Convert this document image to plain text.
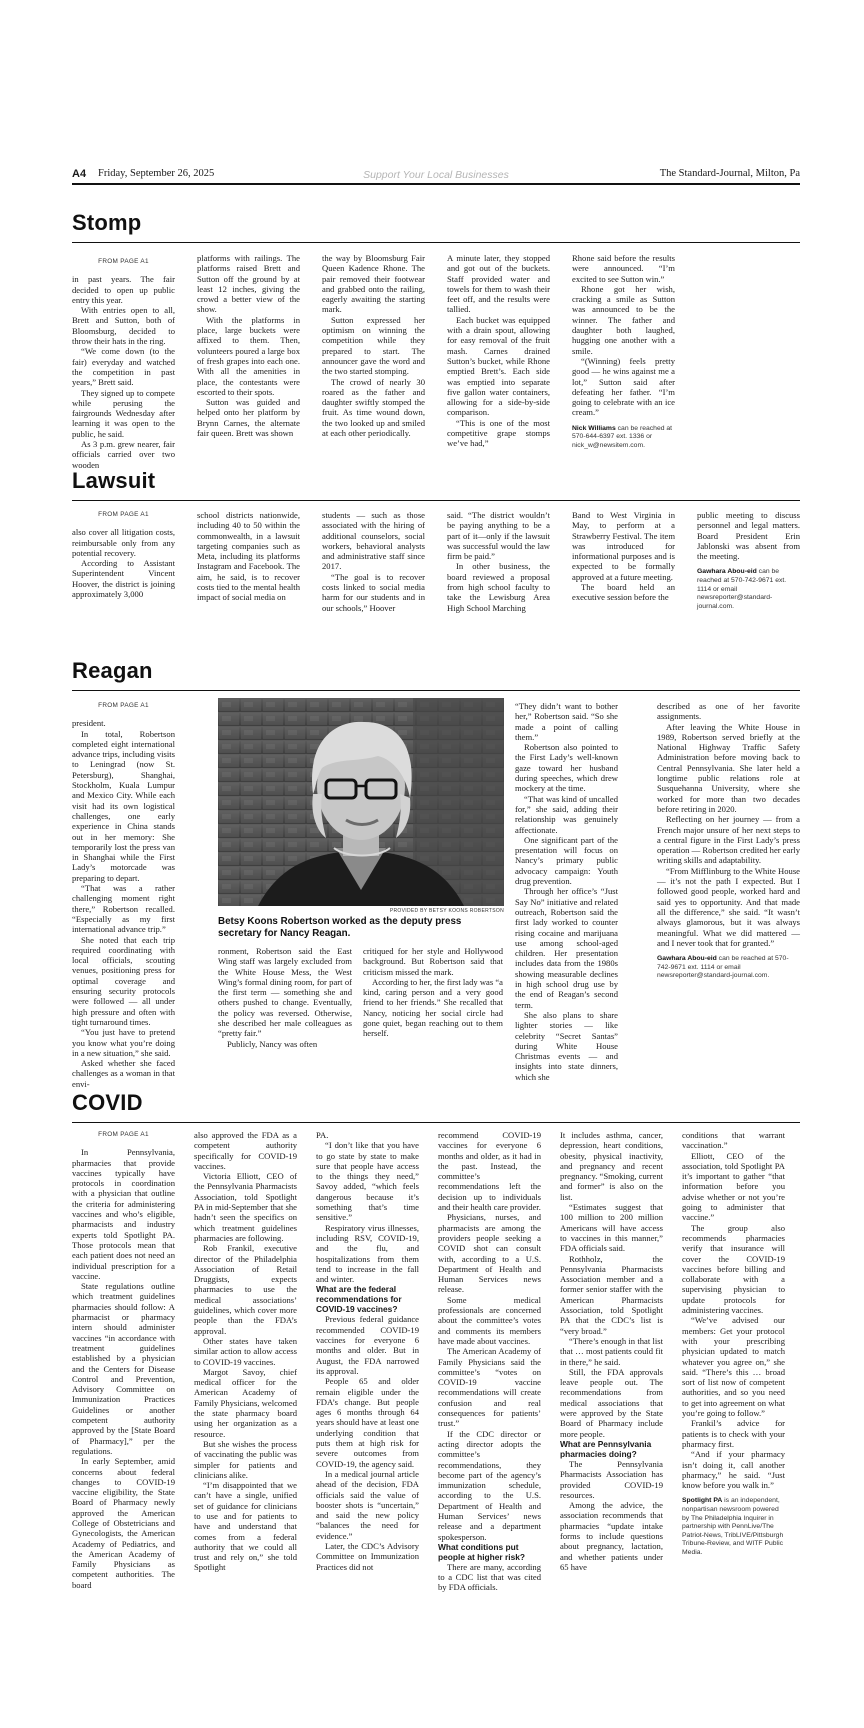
A4 Friday, September 26, 2025	Support Your Local Businesses	The Standard-Journal, Milton, Pa
Stomp

FROM PAGE A1

in past years. The fair decided to open up public entry this year.

With entries open to all, Brett and Sutton, both of Bloomsburg, decided to throw their hats in the ring.

“We come down (to the fair) everyday and watched the competition in past years,” Brett said.

They signed up to compete while perusing the fairgrounds Wednesday after learning it was open to the public, he said.

As 3 p.m. grew nearer, fair officials carried over two wooden

platforms with railings. The platforms raised Brett and Sutton off the ground by at least 12 inches, giving the crowd a better view of the show.

With the platforms in place, large buckets were affixed to them. Then, volunteers poured a large box of fresh grapes into each one. With all the amenities in place, the contestants were escorted to their spots.

Sutton was guided and helped onto her platform by Brynn Carnes, the alternate fair queen. Brett was shown

the way by Bloomsburg Fair Queen Kadence Rhone. The pair removed their footwear and grabbed onto the railing, eagerly awaiting the starting mark.

Sutton expressed her optimism on winning the competition while they prepared to start. The announcer gave the word and the two started stomping.

The crowd of nearly 30 roared as the father and daughter swiftly stomped the fruit. As time wound down, the two looked up and smiled at each other periodically.

A minute later, they stopped and got out of the buckets. Staff provided water and towels for them to wash their feet off, and the results were tallied.

Each bucket was equipped with a drain spout, allowing for easy removal of the fruit mash. Carnes drained Sutton’s bucket, while Rhone emptied Brett’s. Each side was emptied into separate five gallon water containers, allowing for a side-by-side comparison.

“This is one of the most competitive grape stomps we’ve had,”

Rhone said before the results were announced. “I’m excited to see Sutton win.”

Rhone got her wish, cracking a smile as Sutton was announced to be the winner. The father and daughter both laughed, hugging one another with a smile.

“(Winning) feels pretty good — he wins against me a lot,” Sutton said after defeating her father. “I’m going to celebrate with an ice cream.”

Nick Williams can be reached at 570-644-6397 ext. 1336 or nick_w@newsitem.com.

Lawsuit

FROM PAGE A1

also cover all litigation costs, reimbursable only from any potential recovery.

According to Assistant Superintendent Vincent Hoover, the district is joining approximately 3,000

school districts nationwide, including 40 to 50 within the commonwealth, in a lawsuit targeting companies such as Meta, including its platforms Instagram and Facebook. The aim, he said, is to recover costs tied to the mental health impact of social media on

students — such as those associated with the hiring of additional counselors, social workers, behavioral analysts and administrative staff since 2017.

“The goal is to recover costs linked to social media harm for our students and in our schools,” Hoover

said. “The district wouldn’t be paying anything to be a part of it—only if the lawsuit was successful would the law firm be paid.”

In other business, the board reviewed a proposal from high school faculty to take the Lewisburg Area High School Marching

Band to West Virginia in May, to perform at a Strawberry Festival. The item was introduced for informational purposes and is expected to be formally approved at a future meeting.

The board held an executive session before the

public meeting to discuss personnel and legal matters. Board President Erin Jablonski was absent from the meeting.

Gawhara Abou-eid can be reached at 570-742-9671 ext. 1114 or email newsreporter@standard-journal.com.

Reagan

FROM PAGE A1

president.

In total, Robertson completed eight international advance trips, including visits to Leningrad (now St. Petersburg), Shanghai, Stockholm, Kuala Lumpur and Mexico City. While each visit had its own logistical challenges, one early experience in China stands out in her memory: She temporarily lost the press van in Shanghai while the First Lady’s motorcade was preparing to depart.

“That was a rather challenging moment right there,” Robertson recalled. “Especially as my first international advance trip.”

She noted that each trip required coordinating with local officials, scouting venues, positioning press for optimal coverage and ensuring security protocols were followed — all under high pressure and often with tight turnaround times.

“You just have to pretend you know what you’re doing in a new situation,” she said.

Asked whether she faced challenges as a woman in that envi-

PROVIDED BY BETSY KOONS ROBERTSON
Betsy Koons Robertson worked as the deputy press secretary for Nancy Reagan.

ronment, Robertson said the East Wing staff was largely excluded from the White House Mess, the West Wing’s formal dining room, for part of the first term — something she and others pushed to change. Eventually, the policy was reversed. Otherwise, she described her male colleagues as “pretty fair.”

Publicly, Nancy was often

critiqued for her style and Hollywood background. But Robertson said that criticism missed the mark.

According to her, the first lady was “a kind, caring person and a very good friend to her friends.” She recalled that Nancy, noticing her social circle had gone quiet, began reaching out to them herself.

“They didn’t want to bother her,” Robertson said. “So she made a point of calling them.”

Robertson also pointed to the First Lady’s well-known gaze toward her husband during speeches, which drew mockery at the time.

“That was kind of uncalled for,” she said, adding their relationship was genuinely affectionate.

One significant part of the presentation will focus on Nancy’s primary public advocacy campaign: Youth drug prevention.

Through her office’s “Just Say No” initiative and related outreach, Robertson said the first lady worked to counter rising cocaine and marijuana use among school-aged children. Her presentation includes data from the 1980s showing measurable declines in high school drug use by the end of Reagan’s second term.

She also plans to share lighter stories — like celebrity “Secret Santas” during White House Christmas events — and insights into state dinners, which she

described as one of her favorite assignments.

After leaving the White House in 1989, Robertson served briefly at the National Highway Traffic Safety Administration before moving back to Central Pennsylvania. She later held a longtime public relations role at Susquehanna University, where she worked for more than two decades before retiring in 2020.

Reflecting on her journey — from a French major unsure of her next steps to a central figure in the First Lady’s press operation — Robertson credited her early writing skills and adaptability.

“From Mifflinburg to the White House — it’s not the path I expected. But I followed good people, worked hard and said yes to opportunity. And that made all the difference,” she said. “It wasn’t always glamorous, but it was always meaningful. What we did mattered — and I never took that for granted.”

Gawhara Abou-eid can be reached at 570-742-9671 ext. 1114 or email newsreporter@standard-journal.com.

COVID

FROM PAGE A1

In Pennsylvania, pharmacies that provide vaccines typically have protocols in coordination with a physician that outline the criteria for administering vaccines and who’s eligible, pharmacists and industry experts told Spotlight PA. Those protocols mean that each patient does not need an individual prescription for a vaccine.

State regulations outline which treatment guidelines pharmacies should follow: A pharmacist or pharmacy intern should administer vaccines “in accordance with treatment guidelines established by a physician and the Centers for Disease Control and Prevention, Advisory Committee on Immunization Practices Guidelines or another competent authority approved by the [State Board of Pharmacy],” per the regulations.

In early September, amid concerns about federal changes to COVID-19 vaccine eligibility, the State Board of Pharmacy newly approved the American College of Obstetricians and Gynecologists, the American Academy of Pediatrics, and the American Academy of Family Physicians as competent authorities. The board

also approved the FDA as a competent authority specifically for COVID-19 vaccines.

Victoria Elliott, CEO of the Pennsylvania Pharmacists Association, told Spotlight PA in mid-September that she hadn’t seen the specifics on which treatment guidelines pharmacies are following.

Rob Frankil, executive director of the Philadelphia Association of Retail Druggists, expects pharmacies to use the medical associations’ guidelines, which cover more people than the FDA’s approval.

Other states have taken similar action to allow access to COVID-19 vaccines.

Margot Savoy, chief medical officer for the American Academy of Family Physicians, welcomed the state pharmacy board using her organization as a resource.

But she wishes the process of vaccinating the public was simpler for patients and clinicians alike.

“I’m disappointed that we can’t have a single, unified set of guidance for clinicians to use and for patients to have and understand that comes from a federal authority that we could all trust and rely on,” she told Spotlight

PA.

“I don’t like that you have to go state by state to make sure that people have access to the things they need,” Savoy added, “which feels dangerous because it’s something that’s time sensitive.”

Respiratory virus illnesses, including RSV, COVID-19, and the flu, and hospitalizations from them tend to increase in the fall and winter.

What are the federal recommendations for COVID-19 vaccines?

Previous federal guidance recommended COVID-19 vaccines for everyone 6 months and older. But in August, the FDA narrowed its approval.

People 65 and older remain eligible under the FDA’s change. But people ages 6 months through 64 years should have at least one underlying condition that puts them at high risk for severe outcomes from COVID-19, the agency said.

In a medical journal article ahead of the decision, FDA officials said the value of booster shots is “uncertain,” and said the new policy “balances the need for evidence.”

Later, the CDC’s Advisory Committee on Immunization Practices did not

recommend COVID-19 vaccines for everyone 6 months and older, as it had in the past. Instead, the committee’s recommendations left the decision up to individuals and their health care provider.

Physicians, nurses, and pharmacists are among the providers people seeking a COVID shot can consult with, according to a U.S. Department of Health and Human Services news release.

Some medical professionals are concerned about the committee’s votes and comments its members have made about vaccines.

The American Academy of Family Physicians said the committee’s “votes on COVID-19 vaccine recommendations will create confusion and real consequences for patients’ trust.”

If the CDC director or acting director adopts the committee’s recommendations, they become part of the agency’s immunization schedule, according to the U.S. Department of Health and Human Services’ news release and a department spokesperson.

What conditions put people at higher risk?

There are many, according to a CDC list that was cited by FDA officials.

It includes asthma, cancer, depression, heart conditions, obesity, physical inactivity, and pregnancy and recent pregnancy. “Smoking, current and former” is also on the list.

“Estimates suggest that 100 million to 200 million Americans will have access to vaccines in this manner,” FDA officials said.

Rothholz, the Pennsylvania Pharmacists Association member and a former senior staffer with the American Pharmacists Association, told Spotlight PA that the CDC’s list is “very broad.”

“There’s enough in that list that … most patients could fit in there,” he said.

Still, the FDA approvals leave people out. The recommendations from medical associations that were approved by the State Board of Pharmacy include more people.

What are Pennsylvania pharmacies doing?

The Pennsylvania Pharmacists Association has provided COVID-19 resources.

Among the advice, the association recommends that pharmacies “update intake forms to include questions about pregnancy, lactation, and whether patients under 65 have

conditions that warrant vaccination.”

Elliott, CEO of the association, told Spotlight PA it’s important to gather “that information before you advise whether or not you’re going to administer that vaccine.”

The group also recommends pharmacies verify that insurance will cover the COVID-19 vaccines before billing and collaborate with a supervising physician to update protocols for administering vaccines.

“We’ve advised our members: Get your protocol with your prescribing physician updated to match whatever you agree on,” she said. “There’s this … broad sort of list now of competent authorities, and so you need to get into agreement on what you’re going to follow.”

Frankil’s advice for patients is to check with your pharmacy first.

“And if your pharmacy isn’t doing it, call another pharmacy,” he said. “Just know before you walk in.”

Spotlight PA is an independent, nonpartisan newsroom powered by The Philadelphia Inquirer in partnership with PennLive/The Patriot-News, TribLIVE/Pittsburgh Tribune-Review, and WITF Public Media.
